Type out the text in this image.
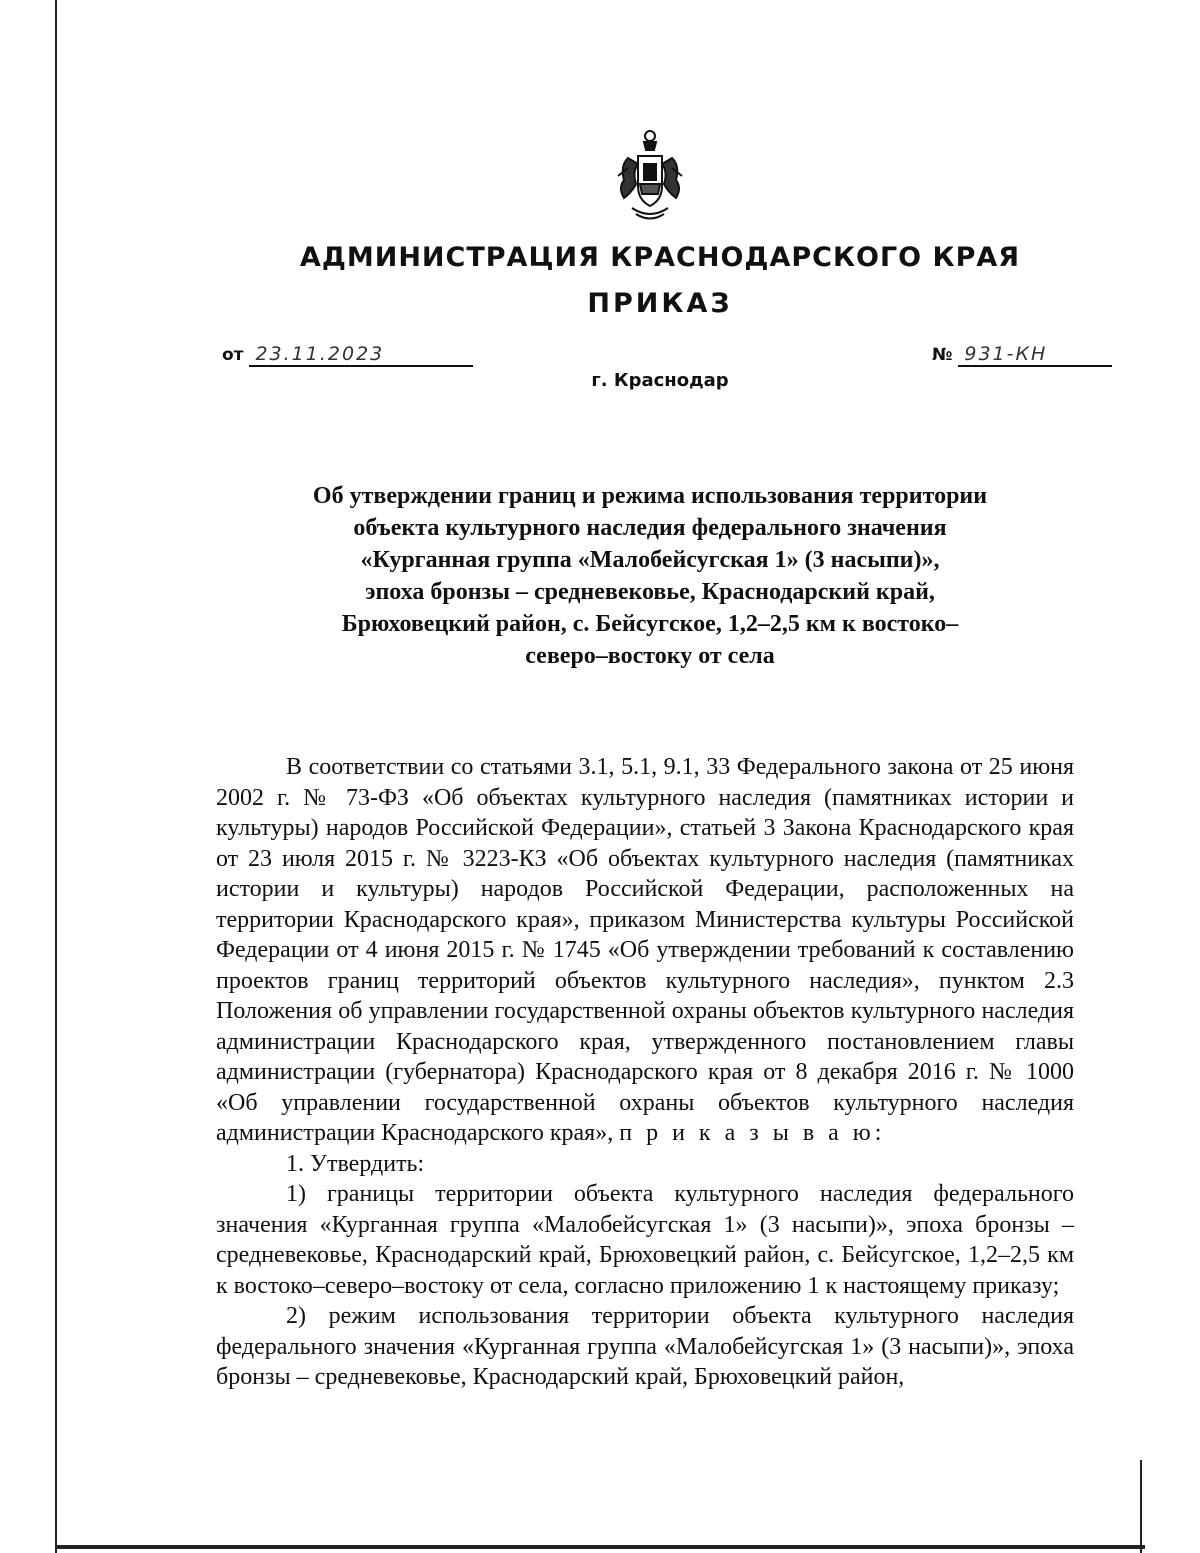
АДМИНИСТРАЦИЯ КРАСНОДАРСКОГО КРАЯ
ПРИКАЗ
от 23.11.2023	№ 931-КН
г. Краснодар
Об утверждении границ и режима использования территории
объекта культурного наследия федерального значения
«Курганная группа «Малобейсугская 1» (3 насыпи)»,
эпоха бронзы – средневековье, Краснодарский край,
Брюховецкий район, с. Бейсугское, 1,2–2,5 км к востоко–
северо–востоку от села

В соответствии со статьями 3.1, 5.1, 9.1, 33 Федерального закона от 25 июня 2002 г. № 73-ФЗ «Об объектах культурного наследия (памятниках истории и культуры) народов Российской Федерации», статьей 3 Закона Краснодарского края от 23 июля 2015 г. № 3223-КЗ «Об объектах культурного наследия (памятниках истории и культуры) народов Российской Федерации, расположенных на территории Краснодарского края», приказом Министерства культуры Российской Федерации от 4 июня 2015 г. № 1745 «Об утверждении требований к составлению проектов границ территорий объектов культурного наследия», пунктом 2.3 Положения об управлении государственной охраны объектов культурного наследия администрации Краснодарского края, утвержденного постановлением главы администрации (губернатора) Краснодарского края от 8 декабря 2016 г. № 1000 «Об управлении государственной охраны объектов культурного наследия администрации Краснодарского края», п р и к а з ы в а ю:

1. Утвердить:

1) границы территории объекта культурного наследия федерального значения «Курганная группа «Малобейсугская 1» (3 насыпи)», эпоха бронзы – средневековье, Краснодарский край, Брюховецкий район, с. Бейсугское, 1,2–2,5 км к востоко–северо–востоку от села, согласно приложению 1 к настоящему приказу;

2) режим использования территории объекта культурного наследия федерального значения «Курганная группа «Малобейсугская 1» (3 насыпи)», эпоха бронзы – средневековье, Краснодарский край, Брюховецкий район,
